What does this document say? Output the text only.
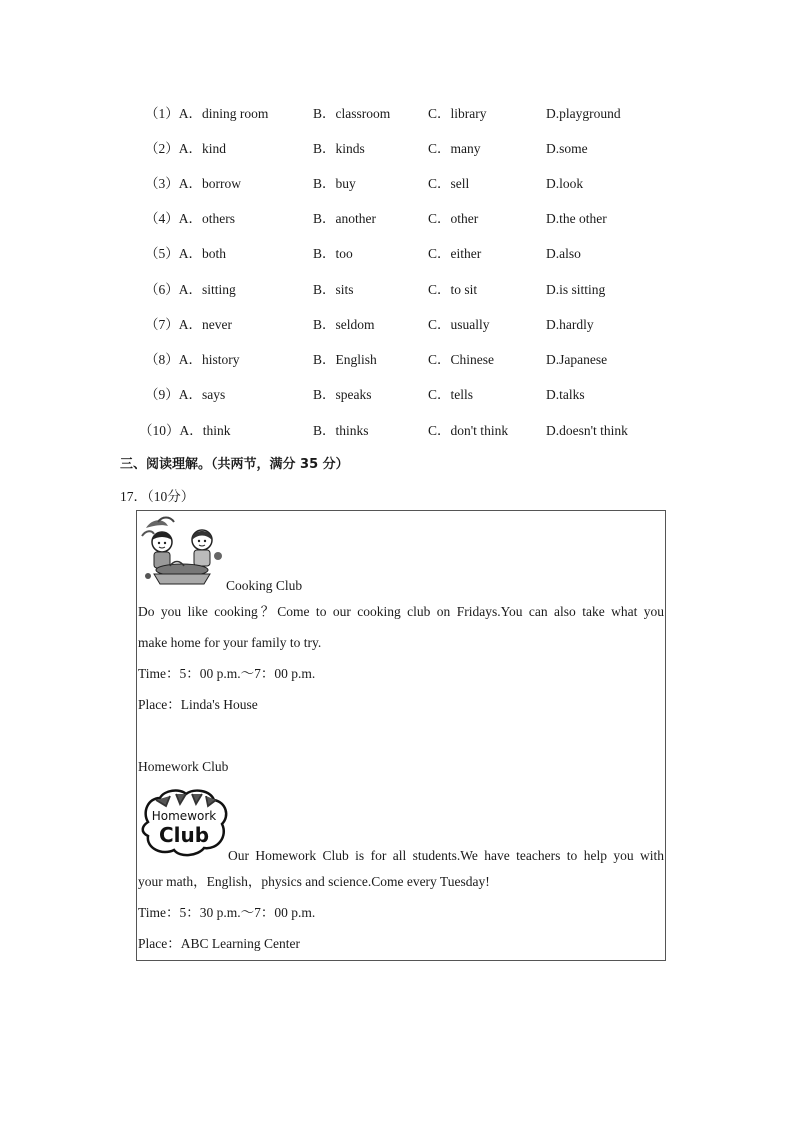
（1）A．dining room	B．classroom	C．library	D.playground
（2）A．kind	B．kinds	C．many	D.some
（3）A．borrow	B．buy	C．sell	D.look
（4）A．others	B．another	C．other	D.the other
（5）A．both	B．too	C．either	D.also
（6）A．sitting	B．sits	C．to sit	D.is sitting
（7）A．never	B．seldom	C．usually	D.hardly
（8）A．history	B．English	C．Chinese	D.Japanese
（9）A．says	B．speaks	C．tells	D.talks
（10）A．think	B．thinks	C．don't think	D.doesn't think
三、阅读理解。（共两节，满分 35 分）
17．（10分）
Cooking Club
Do you like cooking？Come to our cooking club on Fridays.You can also take what you
make home for your family to try.
Time：5：00 p.m.～7：00 p.m.
Place：Linda's House
Homework Club
Homework
Club
Our Homework Club is for all students.We have teachers to help you with
your math，English，physics and science.Come every Tuesday!
Time：5：30 p.m.～7：00 p.m.
Place：ABC Learning Center
